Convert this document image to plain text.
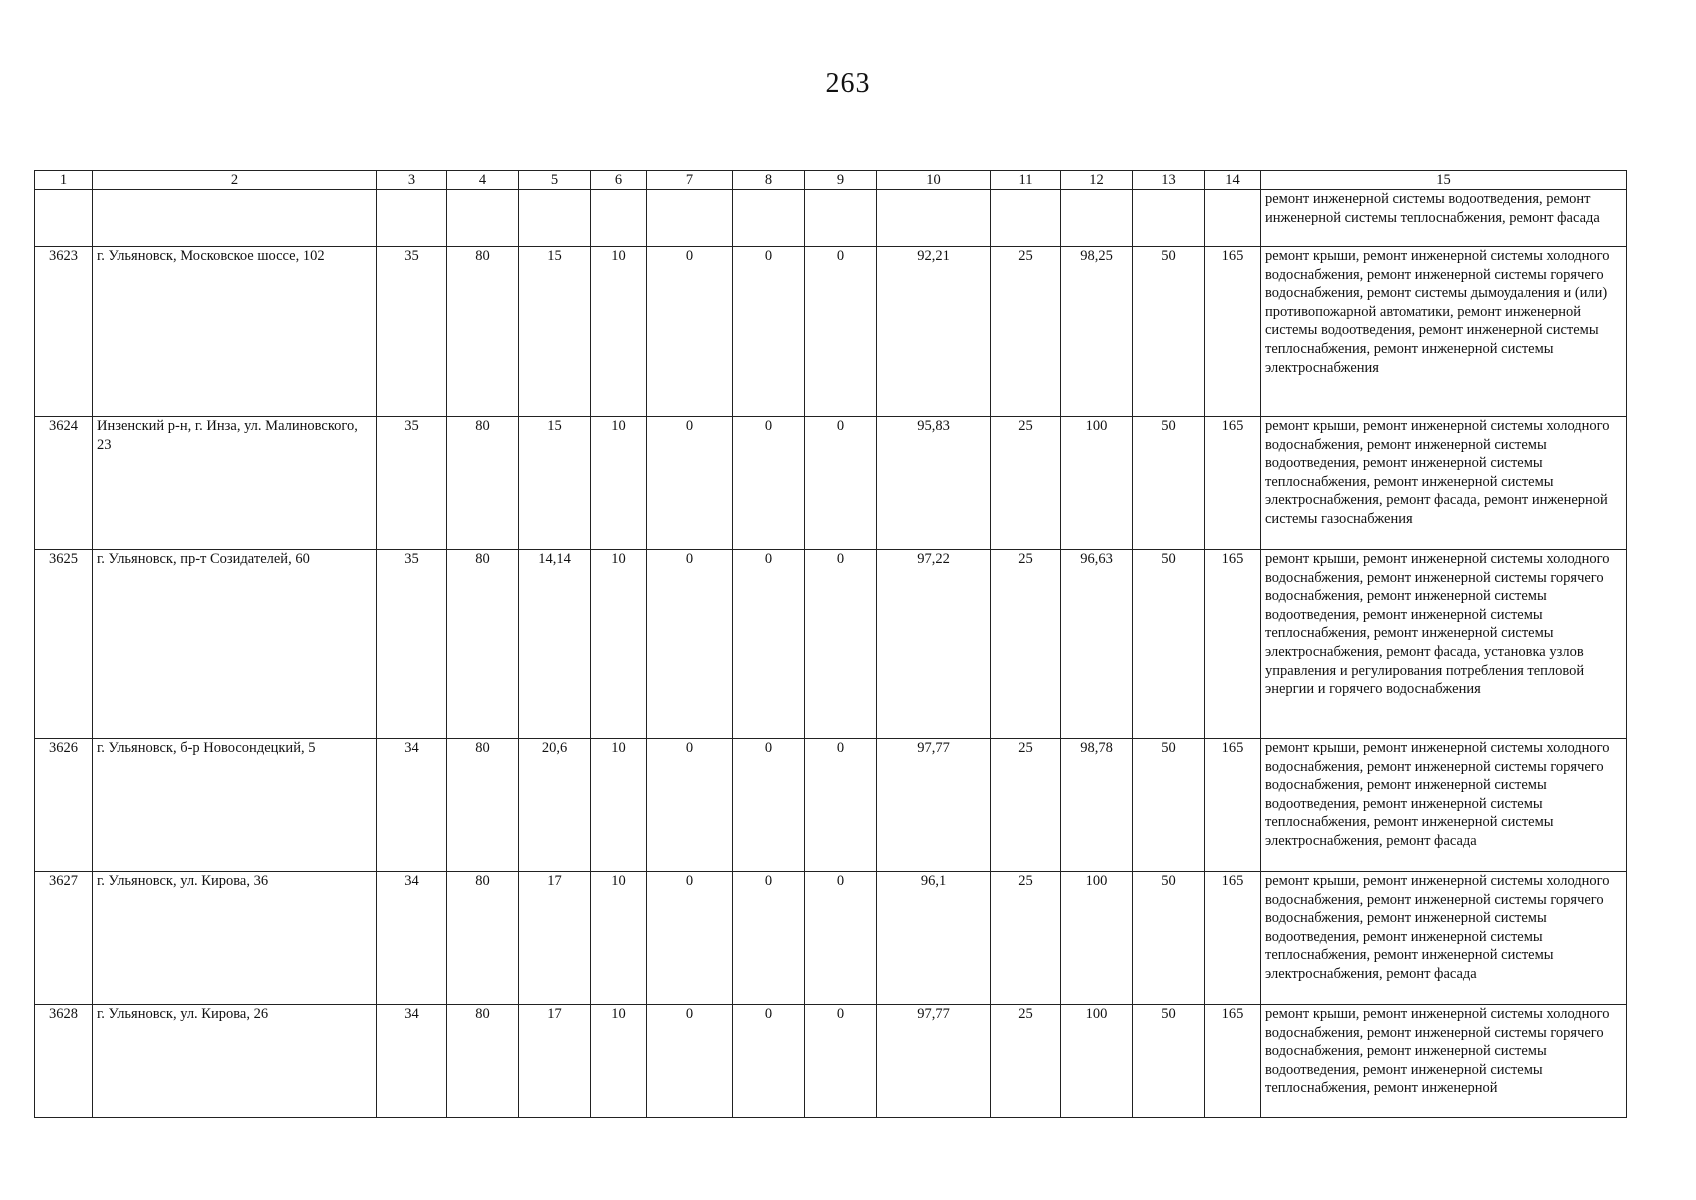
263
1	2	3	4	5	6	7	8	9	10	11	12	13	14	15
														ремонт инженерной системы водоотведения, ремонт инженерной системы теплоснабжения, ремонт фасада
3623	г. Ульяновск, Московское шоссе, 102	35	80	15	10	0	0	0	92,21	25	98,25	50	165	ремонт крыши, ремонт инженерной системы холодного водоснабжения, ремонт инженерной системы горячего водоснабжения, ремонт системы дымоудаления и (или) противопожарной автоматики, ремонт инженерной системы водоотведения, ремонт инженерной системы теплоснабжения, ремонт инженерной системы электроснабжения
3624	Инзенский р-н, г. Инза, ул. Малиновского, 23	35	80	15	10	0	0	0	95,83	25	100	50	165	ремонт крыши, ремонт инженерной системы холодного водоснабжения, ремонт инженерной системы водоотведения, ремонт инженерной системы теплоснабжения, ремонт инженерной системы электроснабжения, ремонт фасада, ремонт инженерной системы газоснабжения
3625	г. Ульяновск, пр-т Созидателей, 60	35	80	14,14	10	0	0	0	97,22	25	96,63	50	165	ремонт крыши, ремонт инженерной системы холодного водоснабжения, ремонт инженерной системы горячего водоснабжения, ремонт инженерной системы водоотведения, ремонт инженерной системы теплоснабжения, ремонт инженерной системы электроснабжения, ремонт фасада, установка узлов управления и регулирования потребления тепловой энергии и горячего водоснабжения
3626	г. Ульяновск, б-р Новосондецкий, 5	34	80	20,6	10	0	0	0	97,77	25	98,78	50	165	ремонт крыши, ремонт инженерной системы холодного водоснабжения, ремонт инженерной системы горячего водоснабжения, ремонт инженерной системы водоотведения, ремонт инженерной системы теплоснабжения, ремонт инженерной системы электроснабжения, ремонт фасада
3627	г. Ульяновск, ул. Кирова, 36	34	80	17	10	0	0	0	96,1	25	100	50	165	ремонт крыши, ремонт инженерной системы холодного водоснабжения, ремонт инженерной системы горячего водоснабжения, ремонт инженерной системы водоотведения, ремонт инженерной системы теплоснабжения, ремонт инженерной системы электроснабжения, ремонт фасада
3628	г. Ульяновск, ул. Кирова, 26	34	80	17	10	0	0	0	97,77	25	100	50	165	ремонт крыши, ремонт инженерной системы холодного водоснабжения, ремонт инженерной системы горячего водоснабжения, ремонт инженерной системы водоотведения, ремонт инженерной системы теплоснабжения, ремонт инженерной
